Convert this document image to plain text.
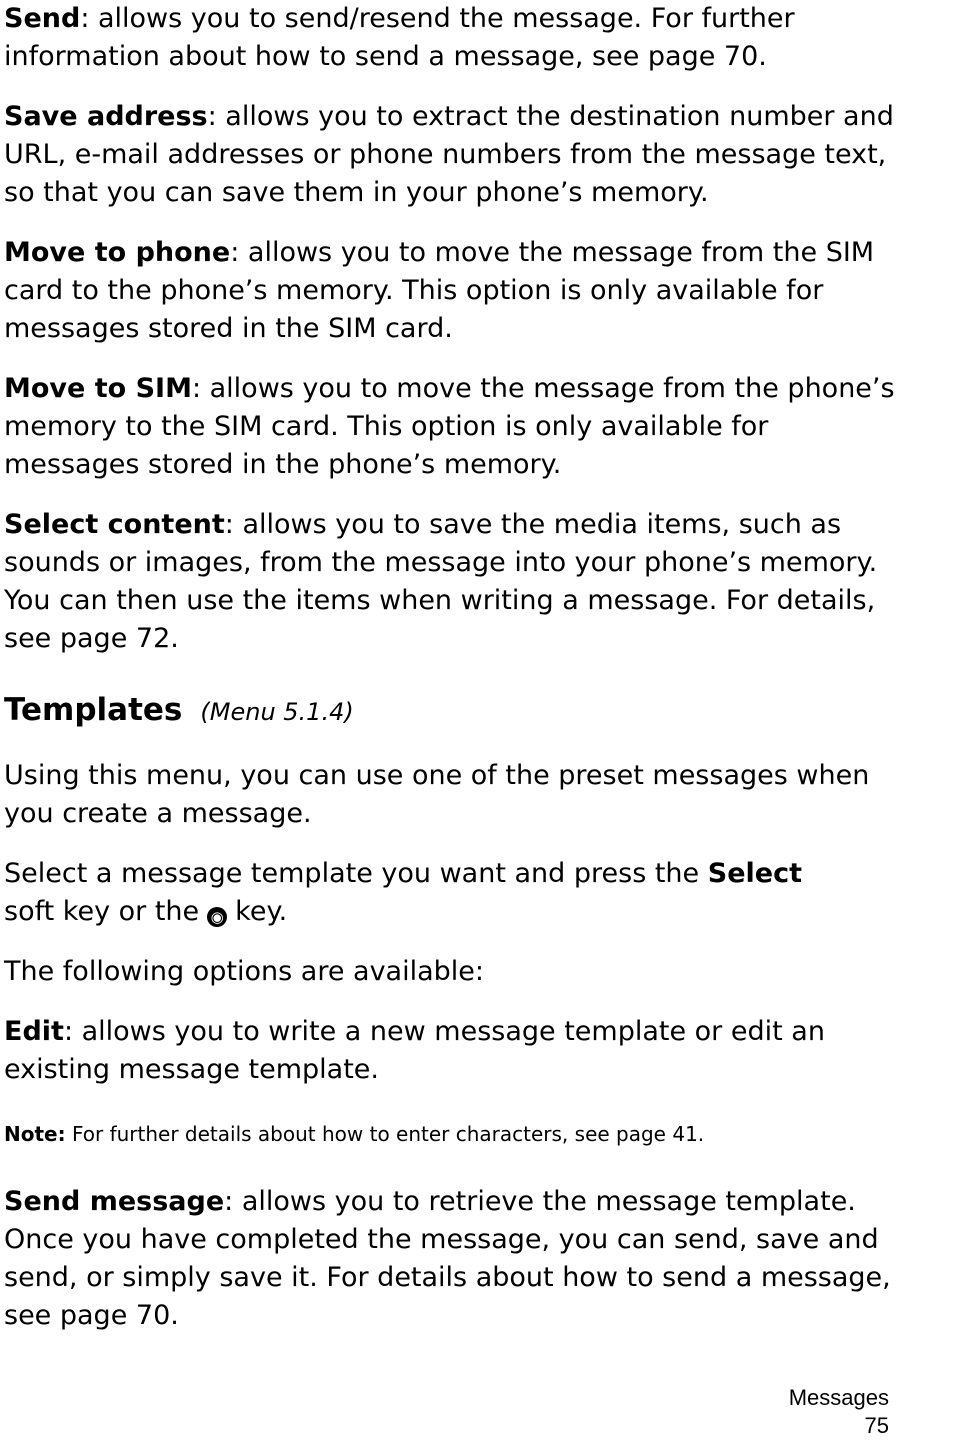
Send: allows you to send/resend the message. For further information about how to send a message, see page 70.

Save address: allows you to extract the destination number and URL, e-mail addresses or phone numbers from the message text, so that you can save them in your phone’s memory.

Move to phone: allows you to move the message from the SIM card to the phone’s memory. This option is only available for messages stored in the SIM card.

Move to SIM: allows you to move the message from the phone’s memory to the SIM card. This option is only available for messages stored in the phone’s memory.

Select content: allows you to save the media items, such as sounds or images, from the message into your phone’s memory. You can then use the items when writing a message. For details, see page 72.

Templates (Menu 5.1.4)

Using this menu, you can use one of the preset messages when you create a message.

Select a message template you want and press the Select
soft key or the ◉ key.

The following options are available:

Edit: allows you to write a new message template or edit an existing message template.

Note: For further details about how to enter characters, see page 41.

Send message: allows you to retrieve the message template. Once you have completed the message, you can send, save and send, or simply save it. For details about how to send a message, see page 70.

Messages
75
